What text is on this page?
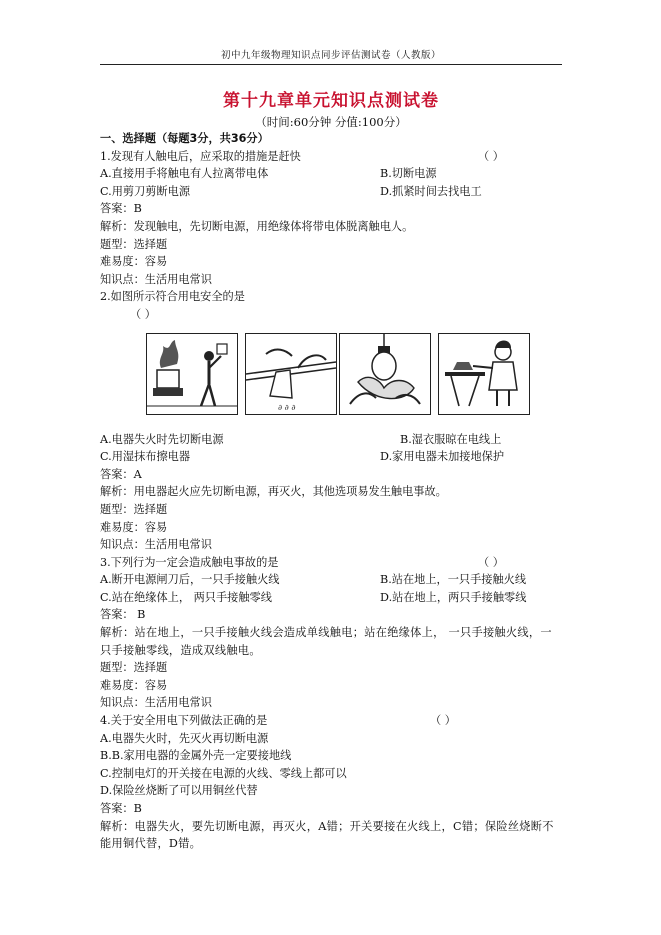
初中九年级物理知识点同步评估测试卷（人教版）
第十九章单元知识点测试卷
（时间:60分钟 分值:100分）
一、选择题（每题3分，共36分）
1.发现有人触电后，应采取的措施是赶快	（ ）
A.直接用手将触电有人拉离带电体	B.切断电源
C.用剪刀剪断电源	D.抓紧时间去找电工
答案：B
解析：发现触电，先切断电源，用绝缘体将带电体脱离触电人。
题型：选择题
难易度：容易
知识点：生活用电常识
2.如图所示符合用电安全的是
（ ）
∂ ∂ ∂
A.电器失火时先切断电源	B.湿衣服晾在电线上
C.用湿抹布擦电器	D.家用电器未加接地保护
答案：A
解析：用电器起火应先切断电源，再灭火，其他选项易发生触电事故。
题型：选择题
难易度：容易
知识点：生活用电常识
3.下列行为一定会造成触电事故的是	（ ）
A.断开电源闸刀后，一只手接触火线	B.站在地上，一只手接触火线
C.站在绝缘体上， 两只手接触零线	D.站在地上，两只手接触零线
答案： B
解析：站在地上，一只手接触火线会造成单线触电；站在绝缘体上， 一只手接触火线，一只手接触零线，造成双线触电。
题型：选择题
难易度：容易
知识点：生活用电常识
4.关于安全用电下列做法正确的是	（ ）
A.电器失火时，先灭火再切断电源
B.B.家用电器的金属外壳一定要接地线
C.控制电灯的开关接在电源的火线、零线上都可以
D.保险丝烧断了可以用铜丝代替
答案：B
解析：电器失火，要先切断电源，再灭火，A错；开关要接在火线上，C错；保险丝烧断不能用铜代替，D错。
